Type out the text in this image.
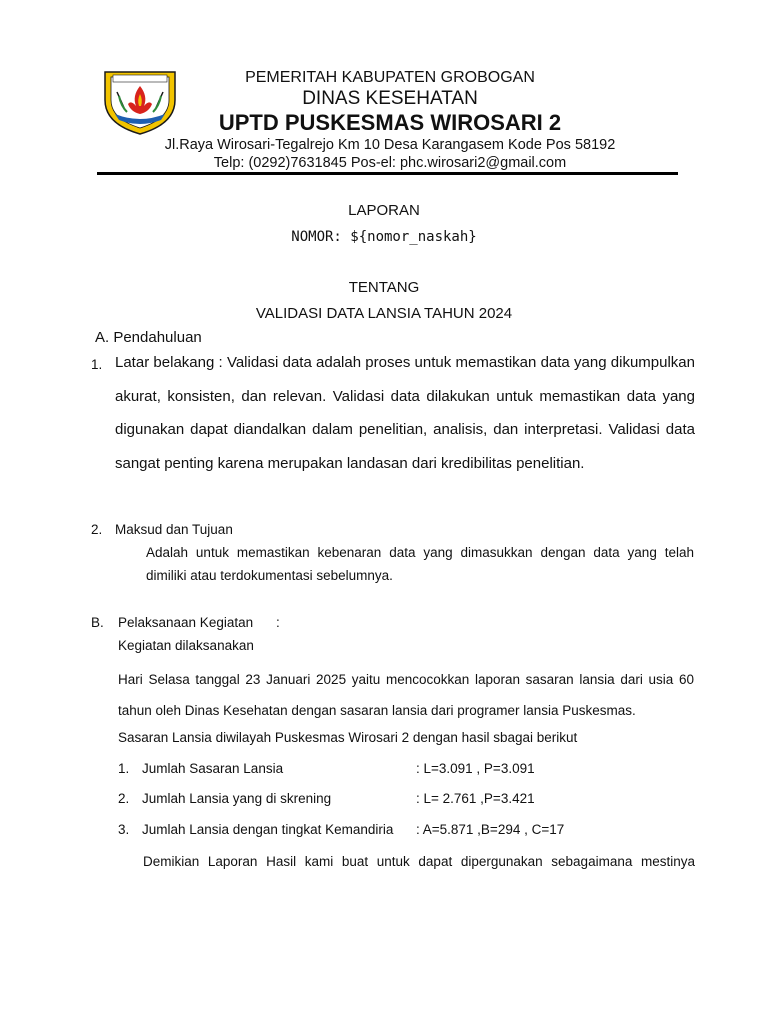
PEMERITAH KABUPATEN GROBOGAN
DINAS KESEHATAN
UPTD PUSKESMAS WIROSARI 2
Jl.Raya Wirosari-Tegalrejo Km 10 Desa Karangasem Kode Pos 58192
Telp: (0292)7631845 Pos-el: phc.wirosari2@gmail.com
LAPORAN
NOMOR: ${nomor_naskah}
TENTANG
VALIDASI DATA LANSIA TAHUN 2024
A. Pendahuluan
1. Latar belakang : Validasi data adalah proses untuk memastikan data yang dikumpulkan akurat, konsisten, dan relevan. Validasi data dilakukan untuk memastikan data yang digunakan dapat diandalkan dalam penelitian, analisis, dan interpretasi. Validasi data sangat penting karena merupakan landasan dari kredibilitas penelitian.
2. Maksud dan Tujuan
Adalah untuk memastikan kebenaran data yang dimasukkan dengan data yang telah dimiliki atau terdokumentasi sebelumnya.
B. Pelaksanaan Kegiatan :
Kegiatan dilaksanakan
Hari Selasa tanggal 23 Januari 2025 yaitu mencocokkan laporan sasaran lansia dari usia 60 tahun oleh Dinas Kesehatan dengan sasaran lansia dari programer lansia Puskesmas.
Sasaran Lansia diwilayah Puskesmas Wirosari 2 dengan hasil sbagai berikut
1. Jumlah Sasaran Lansia	: L=3.091 , P=3.091
2. Jumlah Lansia yang di skrening	: L= 2.761 ,P=3.421
3. Jumlah Lansia dengan tingkat Kemandiria : A=5.871 ,B=294 , C=17
Demikian Laporan Hasil kami buat untuk dapat dipergunakan sebagaimana mestinya
